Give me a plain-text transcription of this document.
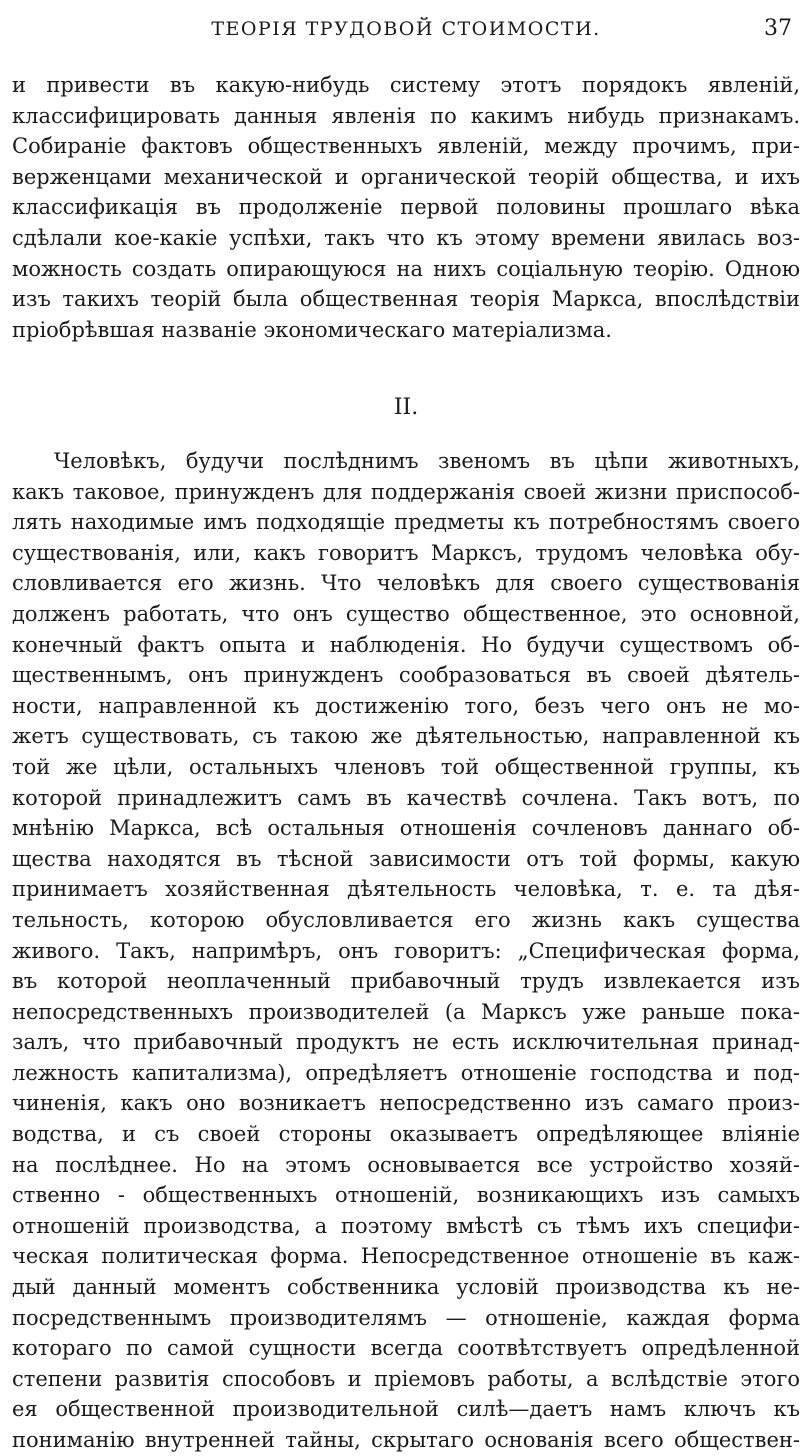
ТЕОРІЯ ТРУДОВОЙ СТОИМОСТИ.	37
и привести въ какую-нибудь систему этотъ порядокъ явленій,
классифицировать данныя явленія по какимъ нибудь признакамъ.
Собираніе фактовъ общественныхъ явленій, между прочимъ, при-
верженцами механической и органической теорій общества, и ихъ
классификація въ продолженіе первой половины прошлаго вѣка
сдѣлали кое-какіе успѣхи, такъ что къ этому времени явилась воз-
можность создать опирающуюся на нихъ соціальную теорію. Одною
изъ такихъ теорій была общественная теорія Маркса, впослѣдствіи
пріобрѣвшая названіе экономическаго матеріализма.
II.
Человѣкъ, будучи послѣднимъ звеномъ въ цѣпи животныхъ,
какъ таковое, принужденъ для поддержанія своей жизни приспособ-
лять находимые имъ подходящіе предметы къ потребностямъ своего
существованія, или, какъ говоритъ Марксъ, трудомъ человѣка обу-
словливается его жизнь. Что человѣкъ для своего существованія
долженъ работать, что онъ существо общественное, это основной,
конечный фактъ опыта и наблюденія. Но будучи существомъ об-
щественнымъ, онъ принужденъ сообразоваться въ своей дѣятель-
ности, направленной къ достиженію того, безъ чего онъ не мо-
жетъ существовать, съ такою же дѣятельностью, направленной къ
той же цѣли, остальныхъ членовъ той общественной группы, къ
которой принадлежитъ самъ въ качествѣ сочлена. Такъ вотъ, по
мнѣнію Маркса, всѣ остальныя отношенія сочленовъ даннаго об-
щества находятся въ тѣсной зависимости отъ той формы, какую
принимаетъ хозяйственная дѣятельность человѣка, т. е. та дѣя-
тельность, которою обусловливается его жизнь какъ существа
живого. Такъ, напримѣръ, онъ говоритъ: „Специфическая форма,
въ которой неоплаченный прибавочный трудъ извлекается изъ
непосредственныхъ производителей (а Марксъ уже раньше пока-
залъ, что прибавочный продуктъ не есть исключительная принад-
лежность капитализма), опредѣляетъ отношеніе господства и под-
чиненія, какъ оно возникаетъ непосредственно изъ самаго произ-
водства, и съ своей стороны оказываетъ опредѣляющее вліяніе
на послѣднее. Но на этомъ основывается все устройство хозяй-
ственно - общественныхъ отношеній, возникающихъ изъ самыхъ
отношеній производства, а поэтому вмѣстѣ съ тѣмъ ихъ специфи-
ческая политическая форма. Непосредственное отношеніе въ каж-
дый данный моментъ собственника условій производства къ не-
посредственнымъ производителямъ — отношеніе, каждая форма
котораго по самой сущности всегда соотвѣтствуетъ опредѣленной
степени развитія способовъ и пріемовъ работы, а вслѣдствіе этого
ея общественной производительной силѣ—даетъ намъ ключъ къ
пониманію внутренней тайны, скрытаго основанія всего обществен-
